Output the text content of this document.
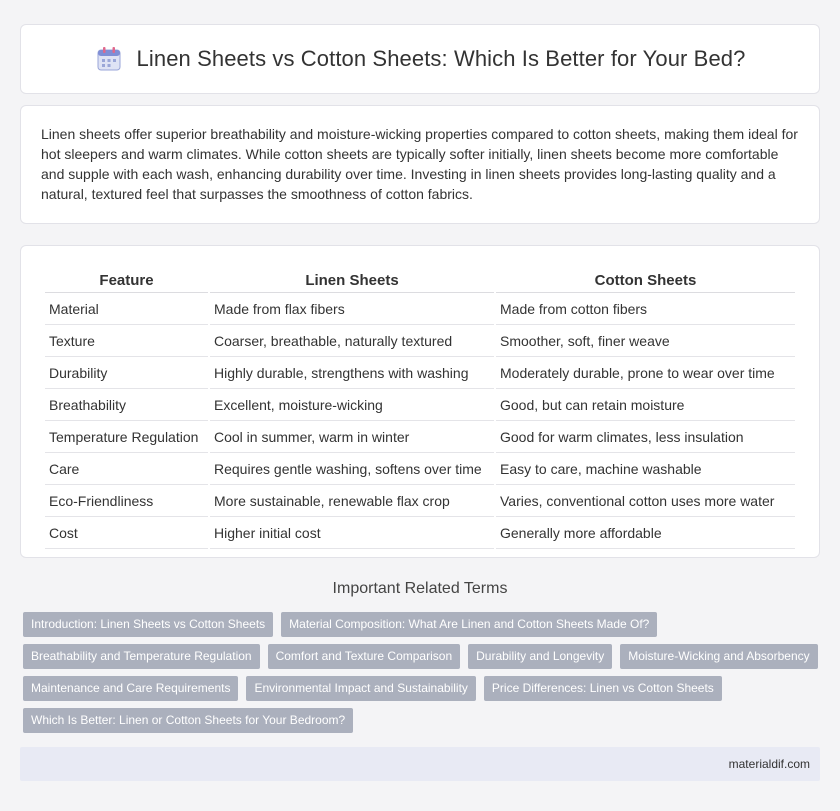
Linen Sheets vs Cotton Sheets: Which Is Better for Your Bed?

Linen sheets offer superior breathability and moisture-wicking properties compared to cotton sheets, making them ideal for hot sleepers and warm climates. While cotton sheets are typically softer initially, linen sheets become more comfortable and supple with each wash, enhancing durability over time. Investing in linen sheets provides long-lasting quality and a natural, textured feel that surpasses the smoothness of cotton fabrics.

Feature	Linen Sheets	Cotton Sheets
Material	Made from flax fibers	Made from cotton fibers
Texture	Coarser, breathable, naturally textured	Smoother, soft, finer weave
Durability	Highly durable, strengthens with washing	Moderately durable, prone to wear over time
Breathability	Excellent, moisture-wicking	Good, but can retain moisture
Temperature Regulation	Cool in summer, warm in winter	Good for warm climates, less insulation
Care	Requires gentle washing, softens over time	Easy to care, machine washable
Eco-Friendliness	More sustainable, renewable flax crop	Varies, conventional cotton uses more water
Cost	Higher initial cost	Generally more affordable
Important Related Terms
Introduction: Linen Sheets vs Cotton Sheets	Material Composition: What Are Linen and Cotton Sheets Made Of?
Breathability and Temperature Regulation	Comfort and Texture Comparison	Durability and Longevity	Moisture-Wicking and Absorbency
Maintenance and Care Requirements	Environmental Impact and Sustainability	Price Differences: Linen vs Cotton Sheets
Which Is Better: Linen or Cotton Sheets for Your Bedroom?
materialdif.com
